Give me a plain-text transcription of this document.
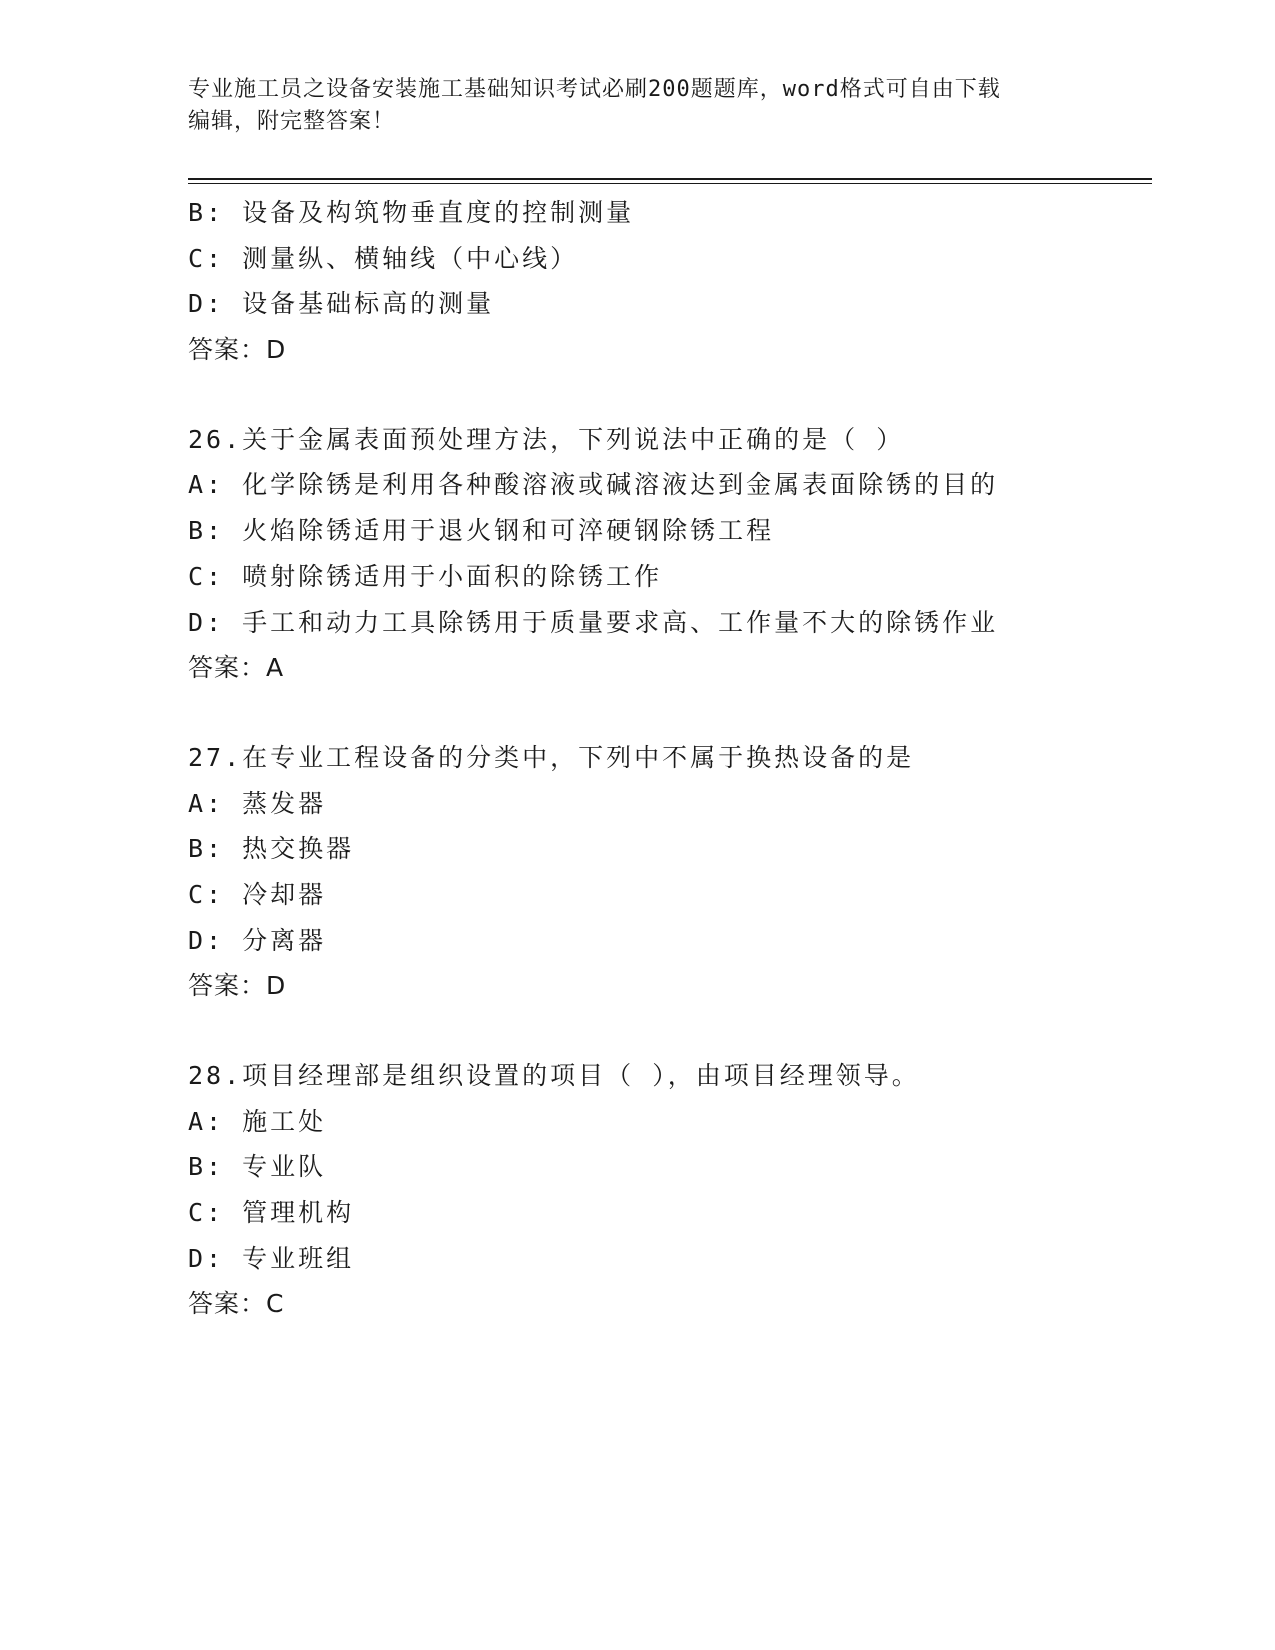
专业施工员之设备安装施工基础知识考试必刷200题题库，word格式可自由下载
编辑，附完整答案！
B: 设备及构筑物垂直度的控制测量
C: 测量纵、横轴线（中心线）
D: 设备基础标高的测量
答案：D
26.关于金属表面预处理方法，下列说法中正确的是（ ）
A: 化学除锈是利用各种酸溶液或碱溶液达到金属表面除锈的目的
B: 火焰除锈适用于退火钢和可淬硬钢除锈工程
C: 喷射除锈适用于小面积的除锈工作
D: 手工和动力工具除锈用于质量要求高、工作量不大的除锈作业
答案：A
27.在专业工程设备的分类中，下列中不属于换热设备的是
A: 蒸发器
B: 热交换器
C: 冷却器
D: 分离器
答案：D
28.项目经理部是组织设置的项目（ ），由项目经理领导。
A: 施工处
B: 专业队
C: 管理机构
D: 专业班组
答案：C
